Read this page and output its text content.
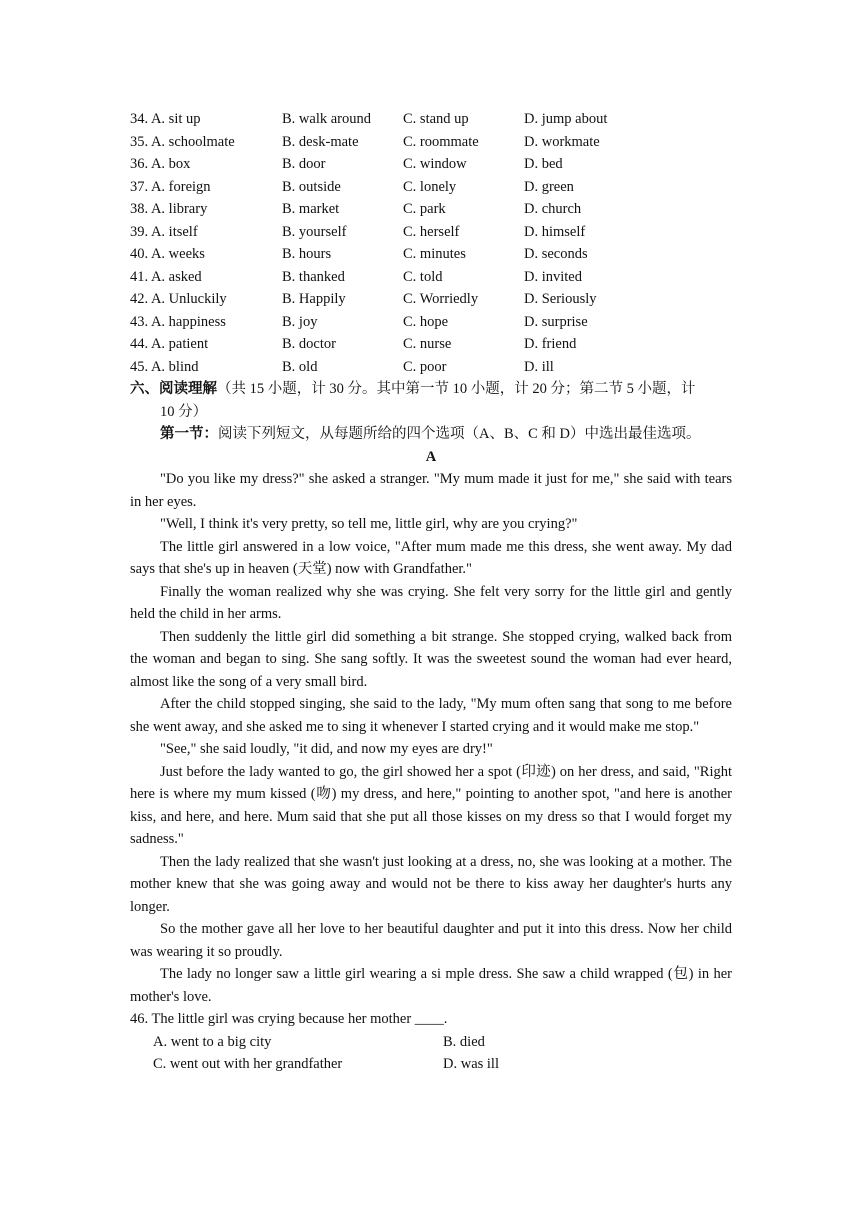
34. A. sit up	B. walk around	C. stand up	D. jump about
35. A. schoolmate	B. desk-mate	C. roommate	D. workmate
36. A. box	B. door	C. window	D. bed
37. A. foreign	B. outside	C. lonely	D. green
38. A. library	B. market	C. park	D. church
39. A. itself	B. yourself	C. herself	D. himself
40. A. weeks	B. hours	C. minutes	D. seconds
41. A. asked	B. thanked	C. told	D. invited
42. A. Unluckily	B. Happily	C. Worriedly	D. Seriously
43. A. happiness	B. joy	C. hope	D. surprise
44. A. patient	B. doctor	C. nurse	D. friend
45. A. blind	B. old	C. poor	D. ill
六、阅读理解（共 15 小题，计 30 分。其中第一节 10 小题，计 20 分；第二节 5 小题，计
10 分）
第一节：阅读下列短文，从每题所给的四个选项（A、B、C 和 D）中选出最佳选项。
A

"Do you like my dress?" she asked a stranger. "My mum made it just for me," she said with tears in her eyes.

"Well, I think it's very pretty, so tell me, little girl, why are you crying?"

The little girl answered in a low voice, "After mum made me this dress, she went away. My dad says that she's up in heaven (天堂) now with Grandfather."

Finally the woman realized why she was crying. She felt very sorry for the little girl and gently held the child in her arms.

Then suddenly the little girl did something a bit strange. She stopped crying, walked back from the woman and began to sing. She sang softly. It was the sweetest sound the woman had ever heard, almost like the song of a very small bird.

After the child stopped singing, she said to the lady, "My mum often sang that song to me before she went away, and she asked me to sing it whenever I started crying and it would make me stop."

"See," she said loudly, "it did, and now my eyes are dry!"

Just before the lady wanted to go, the girl showed her a spot (印迹) on her dress, and said, "Right here is where my mum kissed (吻) my dress, and here," pointing to another spot, "and here is another kiss, and here, and here. Mum said that she put all those kisses on my dress so that I would forget my sadness."

Then the lady realized that she wasn't just looking at a dress, no, she was looking at a mother. The mother knew that she was going away and would not be there to kiss away her daughter's hurts any longer.

So the mother gave all her love to her beautiful daughter and put it into this dress. Now her child was wearing it so proudly.

The lady no longer saw a little girl wearing a si mple dress. She saw a child wrapped (包) in her mother's love.

46. The little girl was crying because her mother ____.

A. went to a big city	B. died
C. went out with her grandfather	D. was ill
